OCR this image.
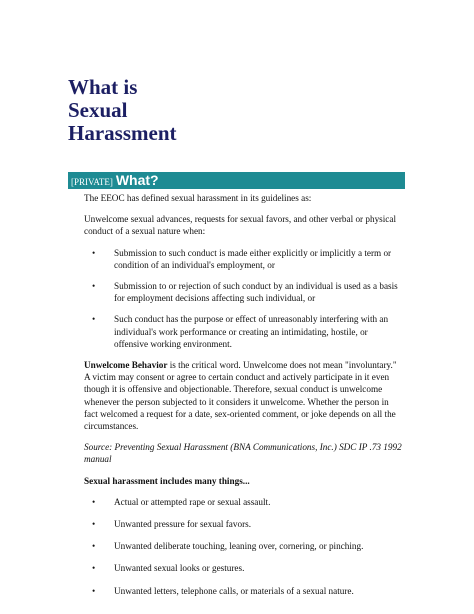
What is
Sexual
Harassment
[PRIVATE] What?

The EEOC has defined sexual harassment in its guidelines as:

Unwelcome sexual advances, requests for sexual favors, and other verbal or physical conduct of a sexual nature when:

•	Submission to such conduct is made either explicitly or implicitly a term or condition of an individual's employment, or
•	Submission to or rejection of such conduct by an individual is used as a basis for employment decisions affecting such individual, or
•	Such conduct has the purpose or effect of unreasonably interfering with an individual's work performance or creating an intimidating, hostile, or offensive working environment.

Unwelcome Behavior is the critical word. Unwelcome does not mean "involuntary." A victim may consent or agree to certain conduct and actively participate in it even though it is offensive and objectionable. Therefore, sexual conduct is unwelcome whenever the person subjected to it considers it unwelcome. Whether the person in fact welcomed a request for a date, sex-oriented comment, or joke depends on all the circumstances.

Source: Preventing Sexual Harassment (BNA Communications, Inc.) SDC IP .73 1992 manual

Sexual harassment includes many things...

•	Actual or attempted rape or sexual assault.
•	Unwanted pressure for sexual favors.
•	Unwanted deliberate touching, leaning over, cornering, or pinching.
•	Unwanted sexual looks or gestures.
•	Unwanted letters, telephone calls, or materials of a sexual nature.
